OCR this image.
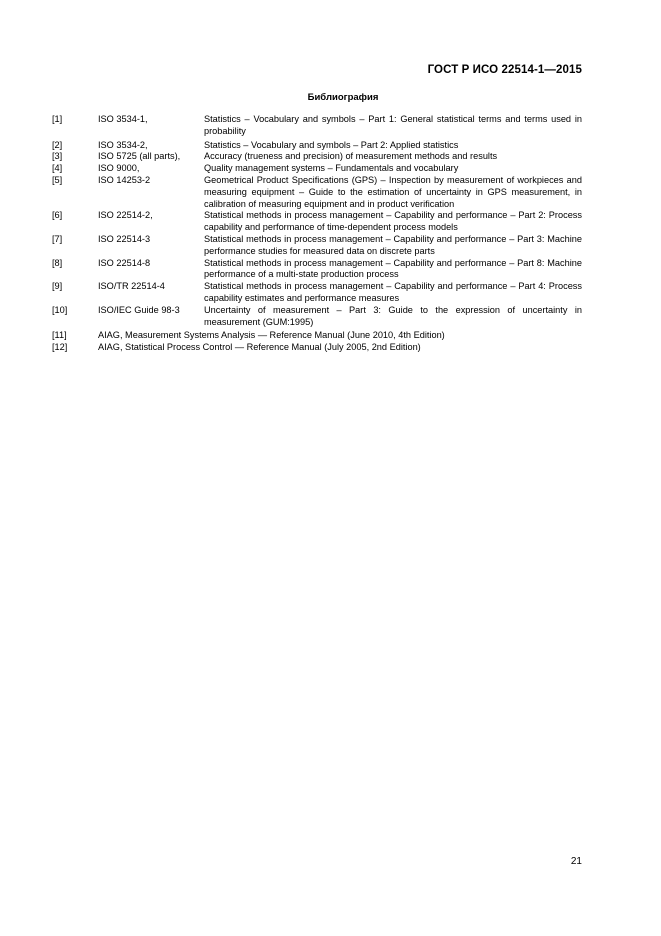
ГОСТ Р ИСО 22514-1—2015
Библиография
[1]	ISO 3534-1,	Statistics – Vocabulary and symbols – Part 1: General statistical terms and terms used in probability
[2]	ISO 3534-2,	Statistics – Vocabulary and symbols – Part 2: Applied statistics
[3]	ISO 5725 (all parts),	Accuracy (trueness and precision) of measurement methods and results
[4]	ISO 9000,	Quality management systems – Fundamentals and vocabulary
[5]	ISO 14253-2	Geometrical Product Specifications (GPS) – Inspection by measurement of workpieces and measuring equipment – Guide to the estimation of uncertainty in GPS measurement, in calibration of measuring equipment and in product verification
[6]	ISO 22514-2,	Statistical methods in process management – Capability and performance – Part 2: Process capability and performance of time-dependent process models
[7]	ISO 22514-3	Statistical methods in process management – Capability and performance – Part 3: Machine performance studies for measured data on discrete parts
[8]	ISO 22514-8	Statistical methods in process management – Capability and performance – Part 8: Machine performance of a multi-state production process
[9]	ISO/TR 22514-4	Statistical methods in process management – Capability and performance – Part 4: Process capability estimates and performance measures
[10]	ISO/IEC Guide 98-3	Uncertainty of measurement – Part 3: Guide to the expression of uncertainty in measurement (GUM:1995)
[11]	AIAG, Measurement Systems Analysis — Reference Manual (June 2010, 4th Edition)
[12]	AIAG, Statistical Process Control — Reference Manual (July 2005, 2nd Edition)
21
